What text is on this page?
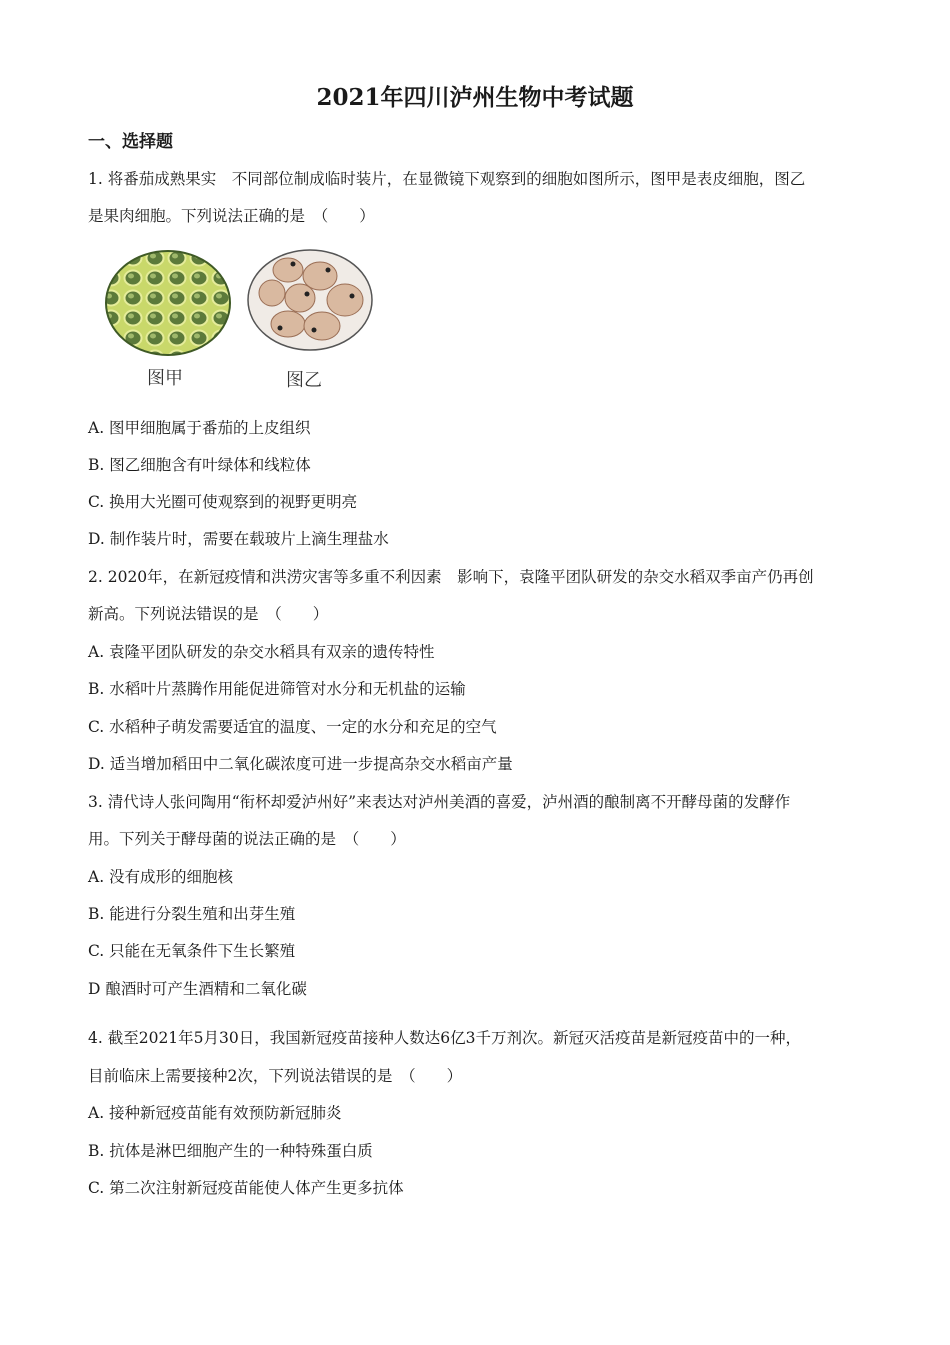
2021年四川泸州生物中考试题
一、选择题
1. 将番茄成熟果实　不同部位制成临时装片，在显微镜下观察到的细胞如图所示，图甲是表皮细胞，图乙
是果肉细胞。下列说法正确的是　（　　）
图甲	图乙
A. 图甲细胞属于番茄的上皮组织
B. 图乙细胞含有叶绿体和线粒体
C. 换用大光圈可使观察到的视野更明亮
D. 制作装片时，需要在载玻片上滴生理盐水
2. 2020年，在新冠疫情和洪涝灾害等多重不利因素　影响下，袁隆平团队研发的杂交水稻双季亩产仍再创
新高。下列说法错误的是　（　　）
A. 袁隆平团队研发的杂交水稻具有双亲的遗传特性
B. 水稻叶片蒸腾作用能促进筛管对水分和无机盐的运输
C. 水稻种子萌发需要适宜的温度、一定的水分和充足的空气
D. 适当增加稻田中二氧化碳浓度可进一步提高杂交水稻亩产量
3. 清代诗人张问陶用“衔杯却爱泸州好”来表达对泸州美酒的喜爱，泸州酒的酿制离不开酵母菌的发酵作
用。下列关于酵母菌的说法正确的是　（　　）
A. 没有成形的细胞核
B. 能进行分裂生殖和出芽生殖
C. 只能在无氧条件下生长繁殖
D 酿酒时可产生酒精和二氧化碳
4. 截至2021年5月30日，我国新冠疫苗接种人数达6亿3千万剂次。新冠灭活疫苗是新冠疫苗中的一种，
目前临床上需要接种2次，下列说法错误的是　（　　）
A. 接种新冠疫苗能有效预防新冠肺炎
B. 抗体是淋巴细胞产生的一种特殊蛋白质
C. 第二次注射新冠疫苗能使人体产生更多抗体
